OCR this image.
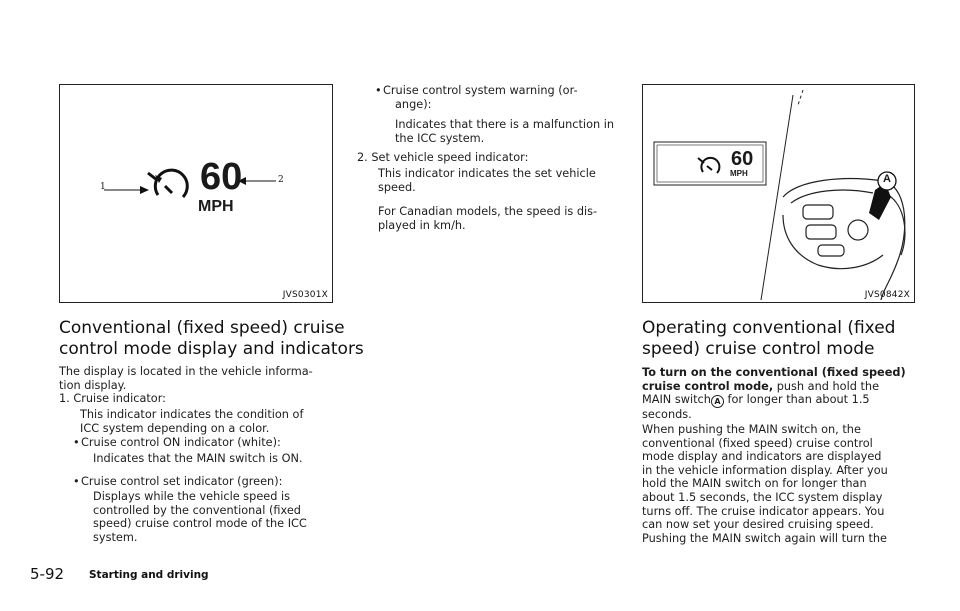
1
2
60
MPH
JVS0301X
A
60
MPH
JVS0842X
Conventional (fixed speed) cruise
control mode display and indicators
The display is located in the vehicle informa-
tion display.
1. Cruise indicator:
This indicator indicates the condition of
ICC system depending on a color.
• Cruise control ON indicator (white):
Indicates that the MAIN switch is ON.
• Cruise control set indicator (green):
Displays while the vehicle speed is
controlled by the conventional (fixed
speed) cruise control mode of the ICC
system.
• Cruise control system warning (or-
ange):
Indicates that there is a malfunction in
the ICC system.
2. Set vehicle speed indicator:
This indicator indicates the set vehicle
speed.
For Canadian models, the speed is dis-
played in km/h.
Operating conventional (fixed
speed) cruise control mode
To turn on the conventional (fixed speed)
cruise control mode, push and hold the
MAIN switch A for longer than about 1.5
seconds.
When pushing the MAIN switch on, the
conventional (fixed speed) cruise control
mode display and indicators are displayed
in the vehicle information display. After you
hold the MAIN switch on for longer than
about 1.5 seconds, the ICC system display
turns off. The cruise indicator appears. You
can now set your desired cruising speed.
Pushing the MAIN switch again will turn the
5-92 Starting and driving
